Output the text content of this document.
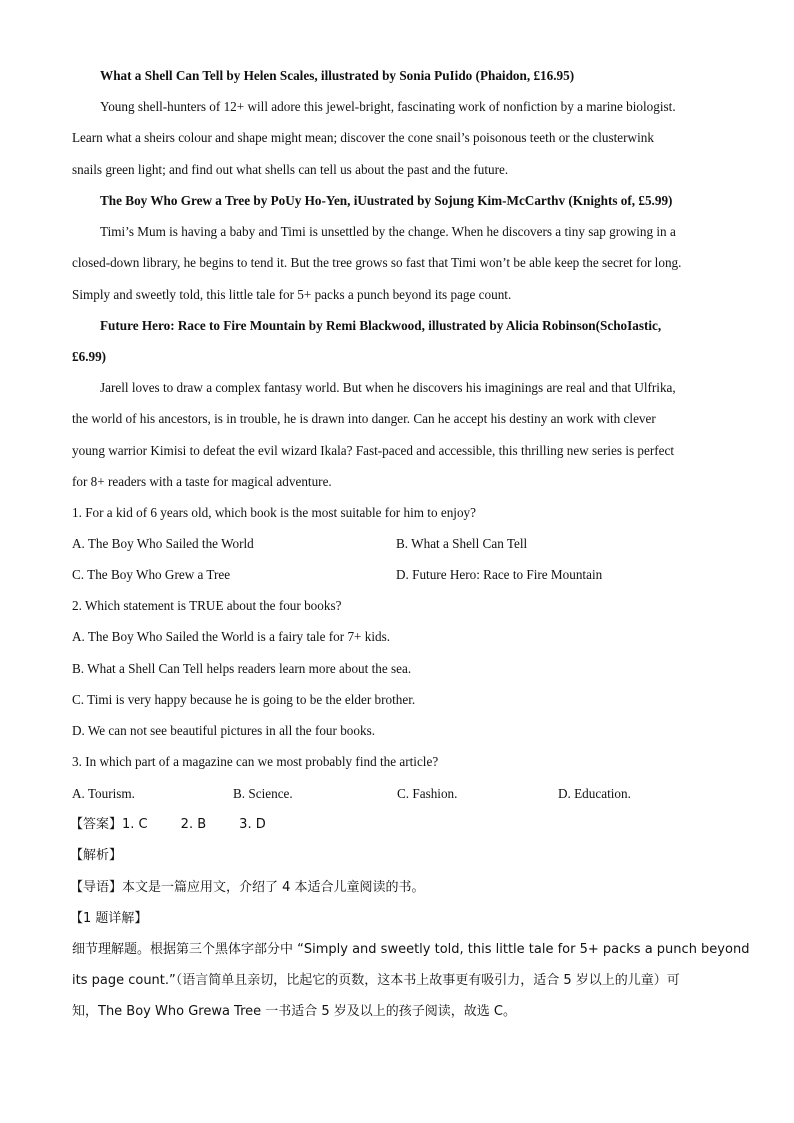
What a Shell Can Tell by Helen Scales, illustrated by Sonia PuIido (Phaidon, £16.95)
Young shell-hunters of 12+ will adore this jewel-bright, fascinating work of nonfiction by a marine biologist.
Learn what a sheirs colour and shape might mean; discover the cone snail’s poisonous teeth or the clusterwink
snails green light; and find out what shells can tell us about the past and the future.
The Boy Who Grew a Tree by PoUy Ho-Yen, iUustrated by Sojung Kim-McCarthv (Knights of, £5.99)
Timi’s Mum is having a baby and Timi is unsettled by the change. When he discovers a tiny sap growing in a
closed-down library, he begins to tend it. But the tree grows so fast that Timi won’t be able keep the secret for long.
Simply and sweetly told, this little tale for 5+ packs a punch beyond its page count.
Future Hero: Race to Fire Mountain by Remi Blackwood, illustrated by Alicia Robinson(SchoIastic,
£6.99)
Jarell loves to draw a complex fantasy world. But when he discovers his imaginings are real and that Ulfrika,
the world of his ancestors, is in trouble, he is drawn into danger. Can he accept his destiny an work with clever
young warrior Kimisi to defeat the evil wizard Ikala? Fast-paced and accessible, this thrilling new series is perfect
for 8+ readers with a taste for magical adventure.
1. For a kid of 6 years old, which book is the most suitable for him to enjoy?
A. The Boy Who Sailed the World	B. What a Shell Can Tell
C. The Boy Who Grew a Tree	D. Future Hero: Race to Fire Mountain
2. Which statement is TRUE about the four books?
A. The Boy Who Sailed the World is a fairy tale for 7+ kids.
B. What a Shell Can Tell helps readers learn more about the sea.
C. Timi is very happy because he is going to be the elder brother.
D. We can not see beautiful pictures in all the four books.
3. In which part of a magazine can we most probably find the article?
A. Tourism.	B. Science.	C. Fashion.	D. Education.
【答案】1. C        2. B        3. D
【解析】
【导语】本文是一篇应用文，介绍了 4 本适合儿童阅读的书。
【1 题详解】
细节理解题。根据第三个黑体字部分中 “Simply and sweetly told, this little tale for 5+ packs a punch beyond
its page count.”（语言简单且亲切，比起它的页数，这本书上故事更有吸引力，适合 5 岁以上的儿童）可
知，The Boy Who Grewa Tree 一书适合 5 岁及以上的孩子阅读，故选 C。
